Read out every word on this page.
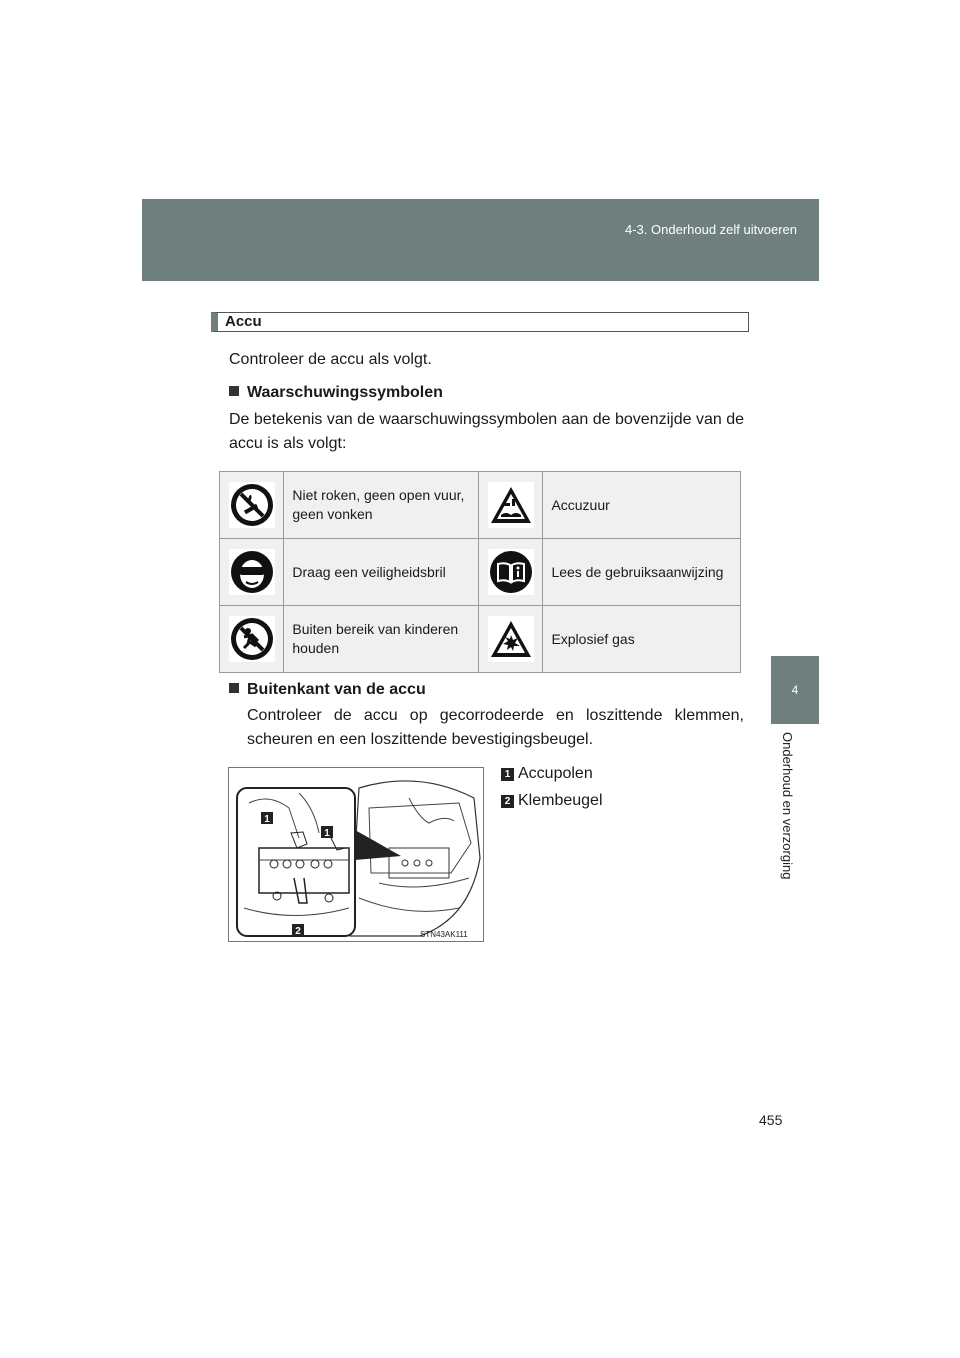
4-3. Onderhoud zelf uitvoeren
4
Onderhoud en verzorging
Accu
Controleer de accu als volgt.
Waarschuwingssymbolen
De betekenis van de waarschuwingssymbolen aan de bovenzijde van de accu is als volgt:
	Niet roken, geen open vuur, geen vonken		Accuzuur

	Draag een veiligheidsbril		Lees de gebruiksaanwijzing

	Buiten bereik van kinderen houden		Explosief gas
Buitenkant van de accu
Controleer de accu op gecorrodeerde en loszittende klemmen, scheuren en een loszittende bevestigingsbeugel.
1
1
2	STN43AK111
1 Accupolen
2 Klembeugel
455
